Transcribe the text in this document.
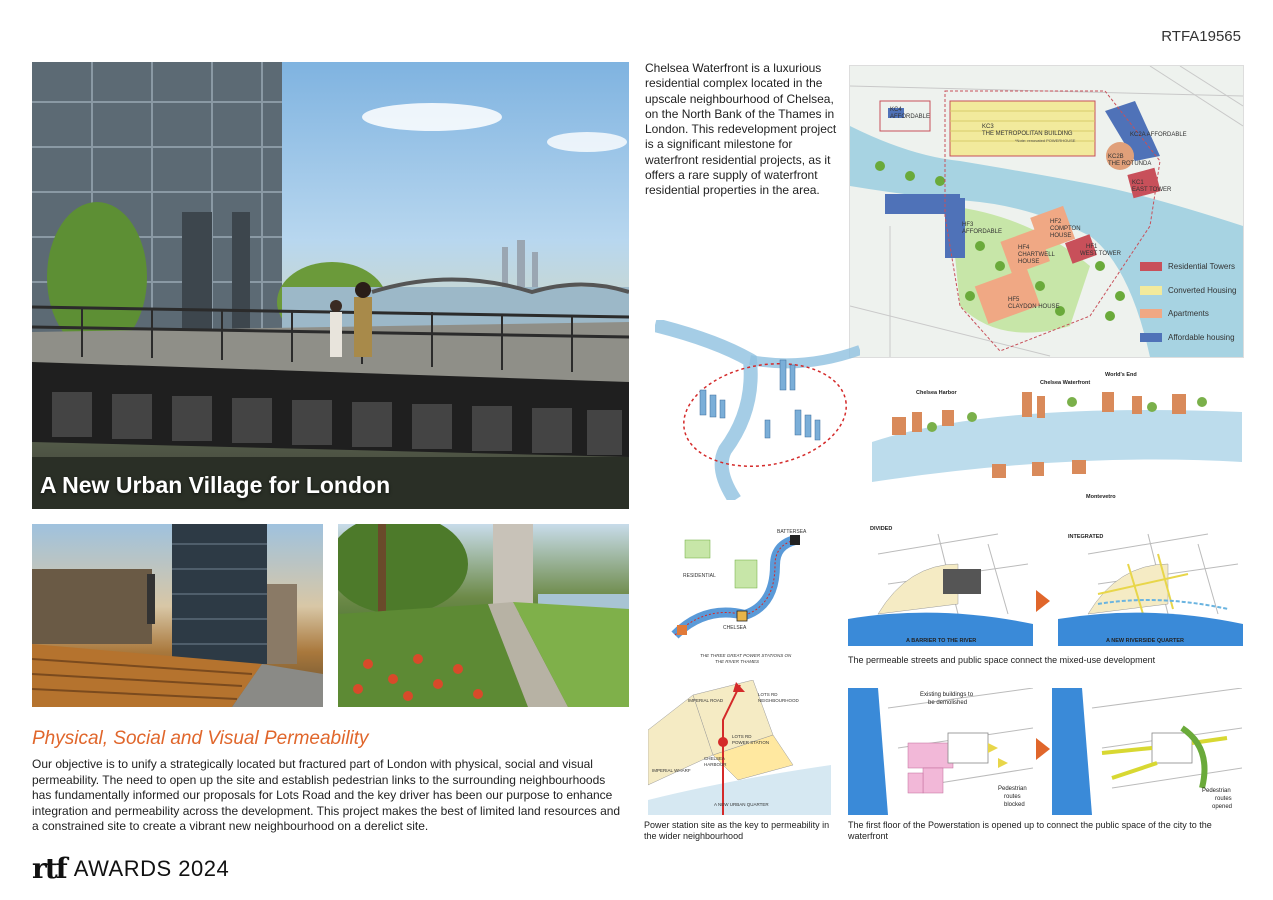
RTFA19565
A New Urban Village for London
Physical, Social and Visual Permeability
Our objective is to unify a strategically located but fractured part of London with physical, social and visual permeability. The need to open up the site and establish pedestrian links to the surrounding neighbourhoods has fundamentally informed our proposals for Lots Road and the key driver has been our purpose to enhance integration and permeability across the development. This project makes the best of limited land resources and a constrained site to create a vibrant new neighbourhood on a derelict site.
rtf AWARDS 2024
Chelsea Waterfront is a luxurious residential complex located in the upscale neighbourhood of Chelsea, on the North Bank of the Thames in London. This redevelopment project is a significant milestone for waterfront residential projects, as it offers a rare supply of waterfront residential properties in the area.
KC4
AFFORDABLE
KC3
THE METROPOLITAN BUILDING
*Note: renovated POWERHOUSE
KC2A AFFORDABLE
KC2B
THE ROTUNDA
KC1
EAST TOWER
HF3
AFFORDABLE
HF2
COMPTON
HOUSE
HF4
CHARTWELL
HOUSE
HF1
WEST TOWER
HF5
CLAYDON HOUSE
Residential Towers
Converted Housing
Apartments
Affordable housing
Chelsea Harbor
Chelsea Waterfront
World's End
Montevetro
RESIDENTIAL
BATTERSEA
CHELSEA
THE THREE GREAT POWER STATIONS ON
THE RIVER THAMES
DIVIDED
A BARRIER TO THE RIVER
INTEGRATED
A NEW RIVERSIDE QUARTER
The permeable streets and public space connect the mixed-use development
IMPERIAL ROAD
LOTS RD
NEIGHBOURHOOD
LOTS RD
POWER STATION
CHELSEA
HARBOUR
IMPERIAL WHARF
A NEW URBAN QUARTER
Power station site as the key to permeability in the wider neighbourhood
Existing buildings to
be demolished
Pedestrian
routes
blocked
Pedestrian
routes
opened
The first floor of the Powerstation is opened up to connect the public space of the city to the waterfront
